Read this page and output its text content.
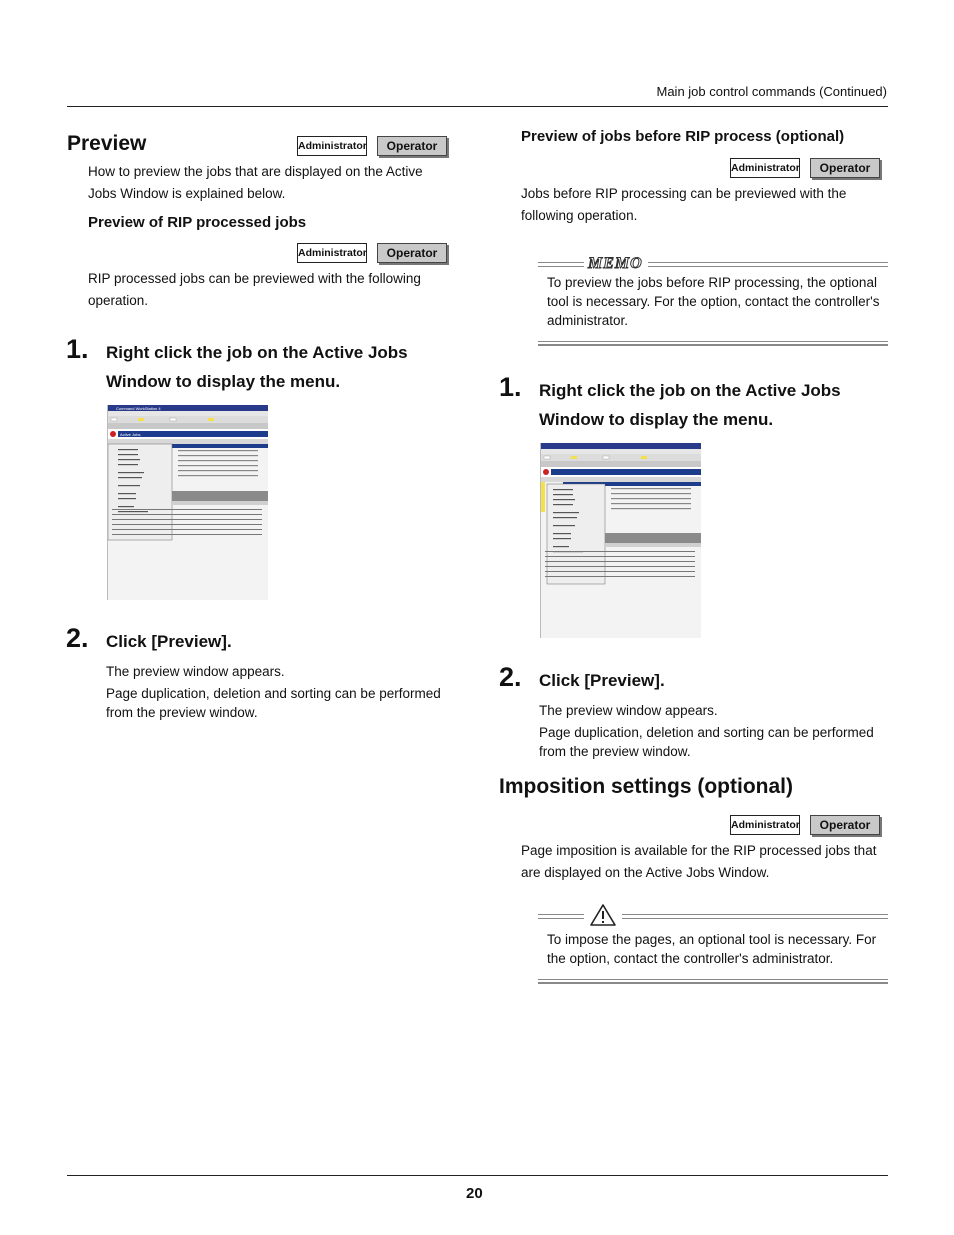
Main job control commands (Continued)
Preview	Administrator	Operator
How to preview the jobs that are displayed on the Active Jobs Window is explained below.
Preview of RIP processed jobs
Administrator	Operator
RIP processed jobs can be previewed with the following operation.
1. Right click the job on the Active Jobs Window to display the menu.
Command WorkStation 4
Active Jobs
2. Click [Preview].
The preview window appears.
Page duplication, deletion and sorting can be performed from the preview window.
Preview of jobs before RIP process (optional)
Administrator	Operator
Jobs before RIP processing can be previewed with the following operation.
MEMO
To preview the jobs before RIP processing, the optional tool is necessary. For the option, contact the controller's administrator.
1. Right click the job on the Active Jobs Window to display the menu.
2. Click [Preview].
The preview window appears.
Page duplication, deletion and sorting can be performed from the preview window.
Imposition settings (optional)
Administrator	Operator
Page imposition is available for the RIP processed jobs that are displayed on the Active Jobs Window.
To impose the pages, an optional tool is necessary. For the option, contact the controller's administrator.
20
